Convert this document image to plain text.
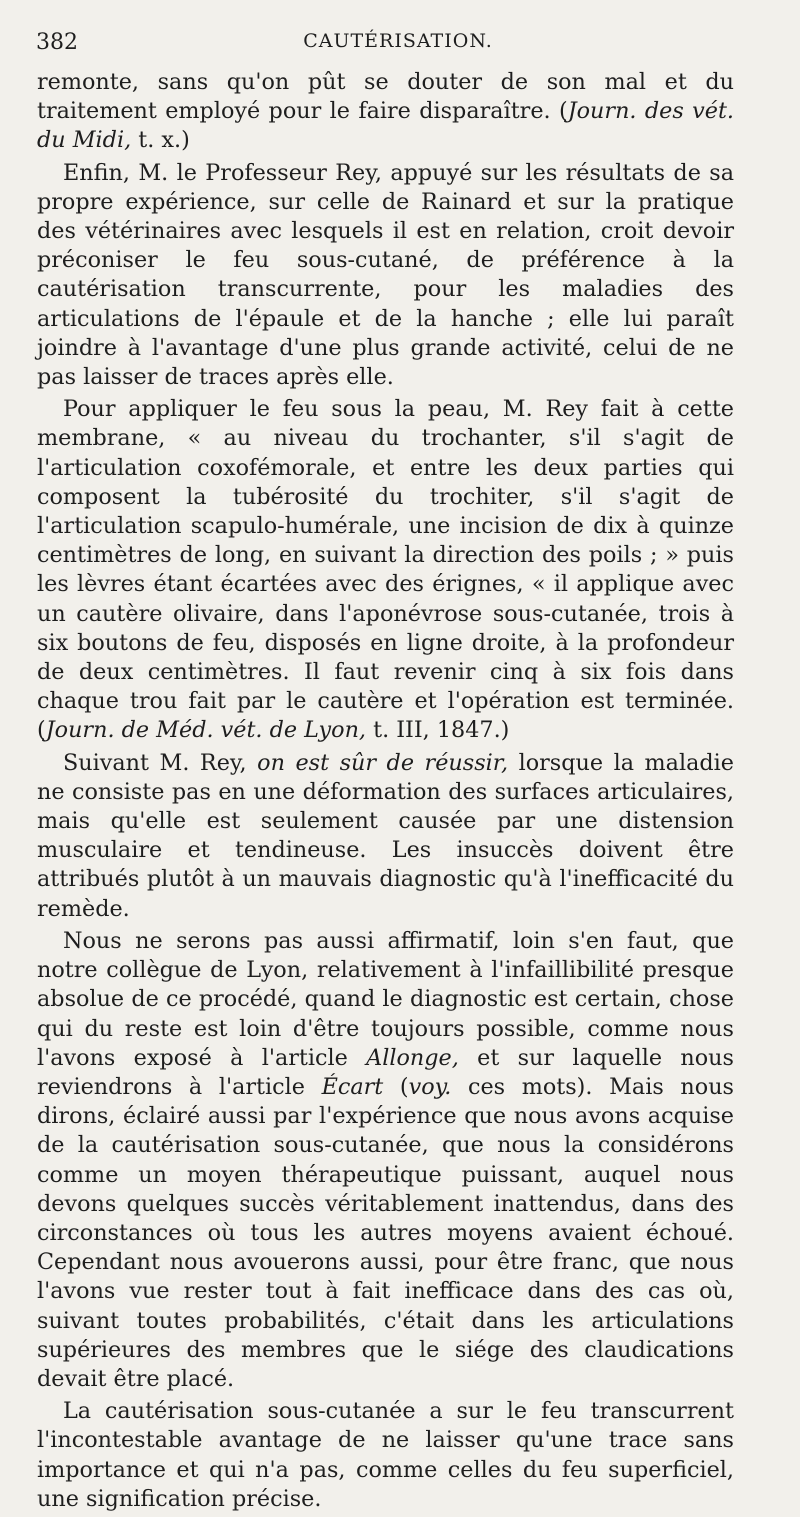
382	CAUTÉRISATION.

remonte, sans qu'on pût se douter de son mal et du traitement employé pour le faire disparaître. (Journ. des vét. du Midi, t. x.)

Enfin, M. le Professeur Rey, appuyé sur les résultats de sa propre expérience, sur celle de Rainard et sur la pratique des vétérinaires avec lesquels il est en relation, croit devoir préconiser le feu sous-cutané, de préférence à la cautérisation transcurrente, pour les maladies des articulations de l'épaule et de la hanche ; elle lui paraît joindre à l'avantage d'une plus grande activité, celui de ne pas laisser de traces après elle.

Pour appliquer le feu sous la peau, M. Rey fait à cette membrane, « au niveau du trochanter, s'il s'agit de l'articulation coxofémorale, et entre les deux parties qui composent la tubérosité du trochiter, s'il s'agit de l'articulation scapulo-humérale, une incision de dix à quinze centimètres de long, en suivant la direction des poils ; » puis les lèvres étant écartées avec des érignes, « il applique avec un cautère olivaire, dans l'aponévrose sous-cutanée, trois à six boutons de feu, disposés en ligne droite, à la profondeur de deux centimètres. Il faut revenir cinq à six fois dans chaque trou fait par le cautère et l'opération est terminée. (Journ. de Méd. vét. de Lyon, t. III, 1847.)

Suivant M. Rey, on est sûr de réussir, lorsque la maladie ne consiste pas en une déformation des surfaces articulaires, mais qu'elle est seulement causée par une distension musculaire et tendineuse. Les insuccès doivent être attribués plutôt à un mauvais diagnostic qu'à l'inefficacité du remède.

Nous ne serons pas aussi affirmatif, loin s'en faut, que notre collègue de Lyon, relativement à l'infaillibilité presque absolue de ce procédé, quand le diagnostic est certain, chose qui du reste est loin d'être toujours possible, comme nous l'avons exposé à l'article Allonge, et sur laquelle nous reviendrons à l'article Écart (voy. ces mots). Mais nous dirons, éclairé aussi par l'expérience que nous avons acquise de la cautérisation sous-cutanée, que nous la considérons comme un moyen thérapeutique puissant, auquel nous devons quelques succès véritablement inattendus, dans des circonstances où tous les autres moyens avaient échoué. Cependant nous avouerons aussi, pour être franc, que nous l'avons vue rester tout à fait inefficace dans des cas où, suivant toutes probabilités, c'était dans les articulations supérieures des membres que le siége des claudications devait être placé.

La cautérisation sous-cutanée a sur le feu transcurrent l'incontestable avantage de ne laisser qu'une trace sans importance et qui n'a pas, comme celles du feu superficiel, une signification précise.
